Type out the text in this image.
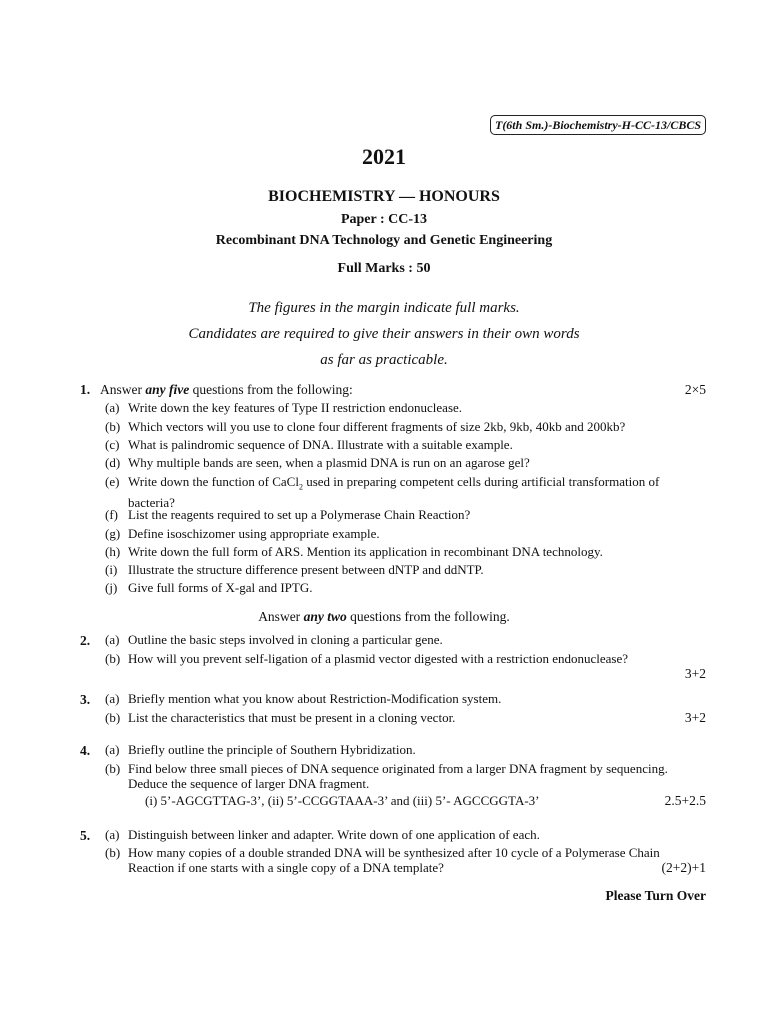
T(6th Sm.)-Biochemistry-H-CC-13/CBCS
2021
BIOCHEMISTRY — HONOURS
Paper : CC-13
Recombinant DNA Technology and Genetic Engineering
Full Marks : 50
The figures in the margin indicate full marks.
Candidates are required to give their answers in their own words
as far as practicable.
1. Answer any five questions from the following:	2×5
(a) Write down the key features of Type II restriction endonuclease.
(b) Which vectors will you use to clone four different fragments of size 2kb, 9kb, 40kb and 200kb?
(c) What is palindromic sequence of DNA. Illustrate with a suitable example.
(d) Why multiple bands are seen, when a plasmid DNA is run on an agarose gel?
(e) Write down the function of CaCl$_2$ used in preparing competent cells during artificial transformation of bacteria?
(f) List the reagents required to set up a Polymerase Chain Reaction?
(g) Define isoschizomer using appropriate example.
(h) Write down the full form of ARS. Mention its application in recombinant DNA technology.
(i) Illustrate the structure difference present between dNTP and ddNTP.
(j) Give full forms of X-gal and IPTG.
Answer any two questions from the following.
2. (a) Outline the basic steps involved in cloning a particular gene.
(b) How will you prevent self-ligation of a plasmid vector digested with a restriction endonuclease?
3+2
3. (a) Briefly mention what you know about Restriction-Modification system.
(b) List the characteristics that must be present in a cloning vector.	3+2
4. (a) Briefly outline the principle of Southern Hybridization.
(b) Find below three small pieces of DNA sequence originated from a larger DNA fragment by sequencing. Deduce the sequence of larger DNA fragment.
(i) 5’-AGCGTTAG-3’, (ii) 5’-CCGGTAAA-3’ and (iii) 5’- AGCCGGTA-3’	2.5+2.5
5. (a) Distinguish between linker and adapter. Write down of one application of each.
(b) How many copies of a double stranded DNA will be synthesized after 10 cycle of a Polymerase Chain Reaction if one starts with a single copy of a DNA template?	(2+2)+1
Please Turn Over
